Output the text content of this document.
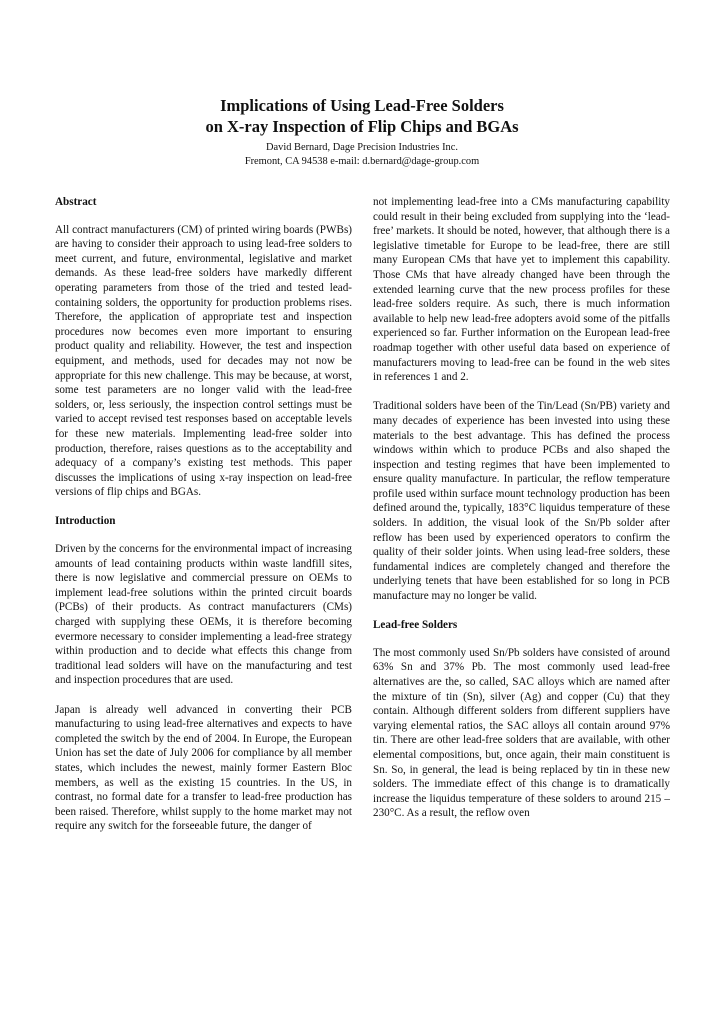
Implications of Using Lead-Free Solders
on X-ray Inspection of Flip Chips and BGAs
David Bernard, Dage Precision Industries Inc.
Fremont, CA 94538 e-mail: d.bernard@dage-group.com
Abstract

All contract manufacturers (CM) of printed wiring boards (PWBs) are having to consider their approach to using lead-free solders to meet current, and future, environmental, legislative and market demands. As these lead-free solders have markedly different operating parameters from those of the tried and tested lead-containing solders, the opportunity for production problems rises. Therefore, the application of appropriate test and inspection procedures now becomes even more important to ensuring product quality and reliability. However, the test and inspection equipment, and methods, used for decades may not now be appropriate for this new challenge. This may be because, at worst, some test parameters are no longer valid with the lead-free solders, or, less seriously, the inspection control settings must be varied to accept revised test responses based on acceptable levels for these new materials. Implementing lead-free solder into production, therefore, raises questions as to the acceptability and adequacy of a company’s existing test methods. This paper discusses the implications of using x-ray inspection on lead-free versions of flip chips and BGAs.

Introduction

Driven by the concerns for the environmental impact of increasing amounts of lead containing products within waste landfill sites, there is now legislative and commercial pressure on OEMs to implement lead-free solutions within the printed circuit boards (PCBs) of their products. As contract manufacturers (CMs) charged with supplying these OEMs, it is therefore becoming evermore necessary to consider implementing a lead-free strategy within production and to decide what effects this change from traditional lead solders will have on the manufacturing and test and inspection procedures that are used.

Japan is already well advanced in converting their PCB manufacturing to using lead-free alternatives and expects to have completed the switch by the end of 2004. In Europe, the European Union has set the date of July 2006 for compliance by all member states, which includes the newest, mainly former Eastern Bloc members, as well as the existing 15 countries. In the US, in contrast, no formal date for a transfer to lead-free production has been raised. Therefore, whilst supply to the home market may not require any switch for the forseeable future, the danger of

not implementing lead-free into a CMs manufacturing capability could result in their being excluded from supplying into the ‘lead-free’ markets. It should be noted, however, that although there is a legislative timetable for Europe to be lead-free, there are still many European CMs that have yet to implement this capability. Those CMs that have already changed have been through the extended learning curve that the new process profiles for these lead-free solders require. As such, there is much information available to help new lead-free adopters avoid some of the pitfalls experienced so far. Further information on the European lead-free roadmap together with other useful data based on experience of manufacturers moving to lead-free can be found in the web sites in references 1 and 2.

Traditional solders have been of the Tin/Lead (Sn/PB) variety and many decades of experience has been invested into using these materials to the best advantage. This has defined the process windows within which to produce PCBs and also shaped the inspection and testing regimes that have been implemented to ensure quality manufacture. In particular, the reflow temperature profile used within surface mount technology production has been defined around the, typically, 183°C liquidus temperature of these solders. In addition, the visual look of the Sn/Pb solder after reflow has been used by experienced operators to confirm the quality of their solder joints. When using lead-free solders, these fundamental indices are completely changed and therefore the underlying tenets that have been established for so long in PCB manufacture may no longer be valid.

Lead-free Solders

The most commonly used Sn/Pb solders have consisted of around 63% Sn and 37% Pb. The most commonly used lead-free alternatives are the, so called, SAC alloys which are named after the mixture of tin (Sn), silver (Ag) and copper (Cu) that they contain. Although different solders from different suppliers have varying elemental ratios, the SAC alloys all contain around 97% tin. There are other lead-free solders that are available, with other elemental compositions, but, once again, their main constituent is Sn. So, in general, the lead is being replaced by tin in these new solders. The immediate effect of this change is to dramatically increase the liquidus temperature of these solders to around 215 – 230°C. As a result, the reflow oven
